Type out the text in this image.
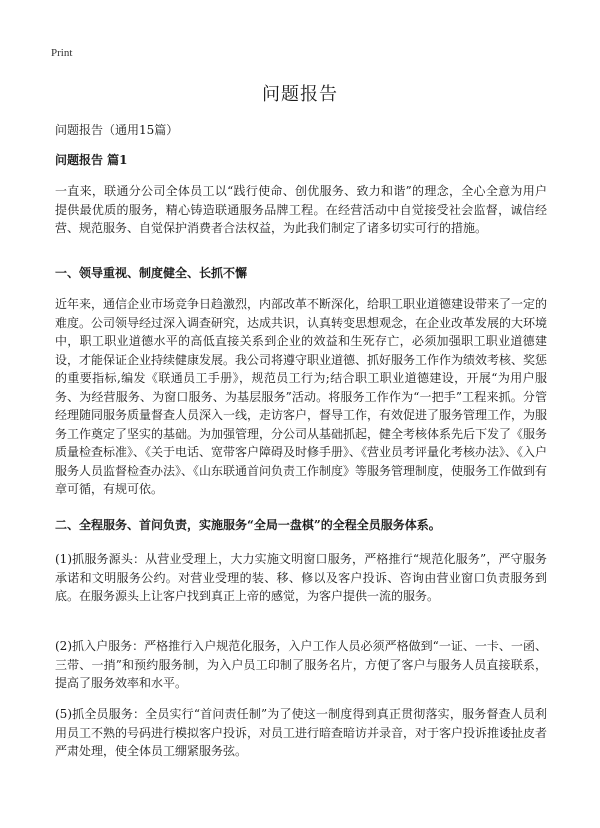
Print
问题报告
问题报告（通用15篇）
问题报告 篇1
一直来，联通分公司全体员工以“践行使命、创优服务、致力和谐”的理念，全心全意为用户提供最优质的服务，精心铸造联通服务品牌工程。在经营活动中自觉接受社会监督，诚信经营、规范服务、自觉保护消费者合法权益，为此我们制定了诸多切实可行的措施。
一、领导重视、制度健全、长抓不懈
近年来，通信企业市场竞争日趋激烈，内部改革不断深化，给职工职业道德建设带来了一定的难度。公司领导经过深入调查研究，达成共识，认真转变思想观念，在企业改革发展的大环境中，职工职业道德水平的高低直接关系到企业的效益和生死存亡，必须加强职工职业道德建设，才能保证企业持续健康发展。我公司将遵守职业道德、抓好服务工作作为绩效考核、奖惩的重要指标,编发《联通员工手册》，规范员工行为;结合职工职业道德建设，开展“为用户服务、为经营服务、为窗口服务、为基层服务”活动。将服务工作作为“一把手”工程来抓。分管经理随同服务质量督查人员深入一线，走访客户，督导工作，有效促进了服务管理工作，为服务工作奠定了坚实的基础。为加强管理，分公司从基础抓起，健全考核体系先后下发了《服务质量检查标准》、《关于电话、宽带客户障碍及时修手册》、《营业员考评量化考核办法》、《入户服务人员监督检查办法》、《山东联通首问负责工作制度》等服务管理制度，使服务工作做到有章可循，有规可依。
二、全程服务、首问负责，实施服务“全局一盘棋”的全程全员服务体系。
(1)抓服务源头：从营业受理上，大力实施文明窗口服务，严格推行“规范化服务”，严守服务承诺和文明服务公约。对营业受理的装、移、修以及客户投诉、咨询由营业窗口负责服务到底。在服务源头上让客户找到真正上帝的感觉，为客户提供一流的服务。
(2)抓入户服务：严格推行入户规范化服务，入户工作人员必须严格做到“一证、一卡、一函、三带、一捎”和预约服务制，为入户员工印制了服务名片，方便了客户与服务人员直接联系，提高了服务效率和水平。
(5)抓全员服务：全员实行“首问责任制”为了使这一制度得到真正贯彻落实，服务督查人员利用员工不熟的号码进行模拟客户投诉，对员工进行暗查暗访并录音，对于客户投诉推诿扯皮者严肃处理，使全体员工绷紧服务弦。
